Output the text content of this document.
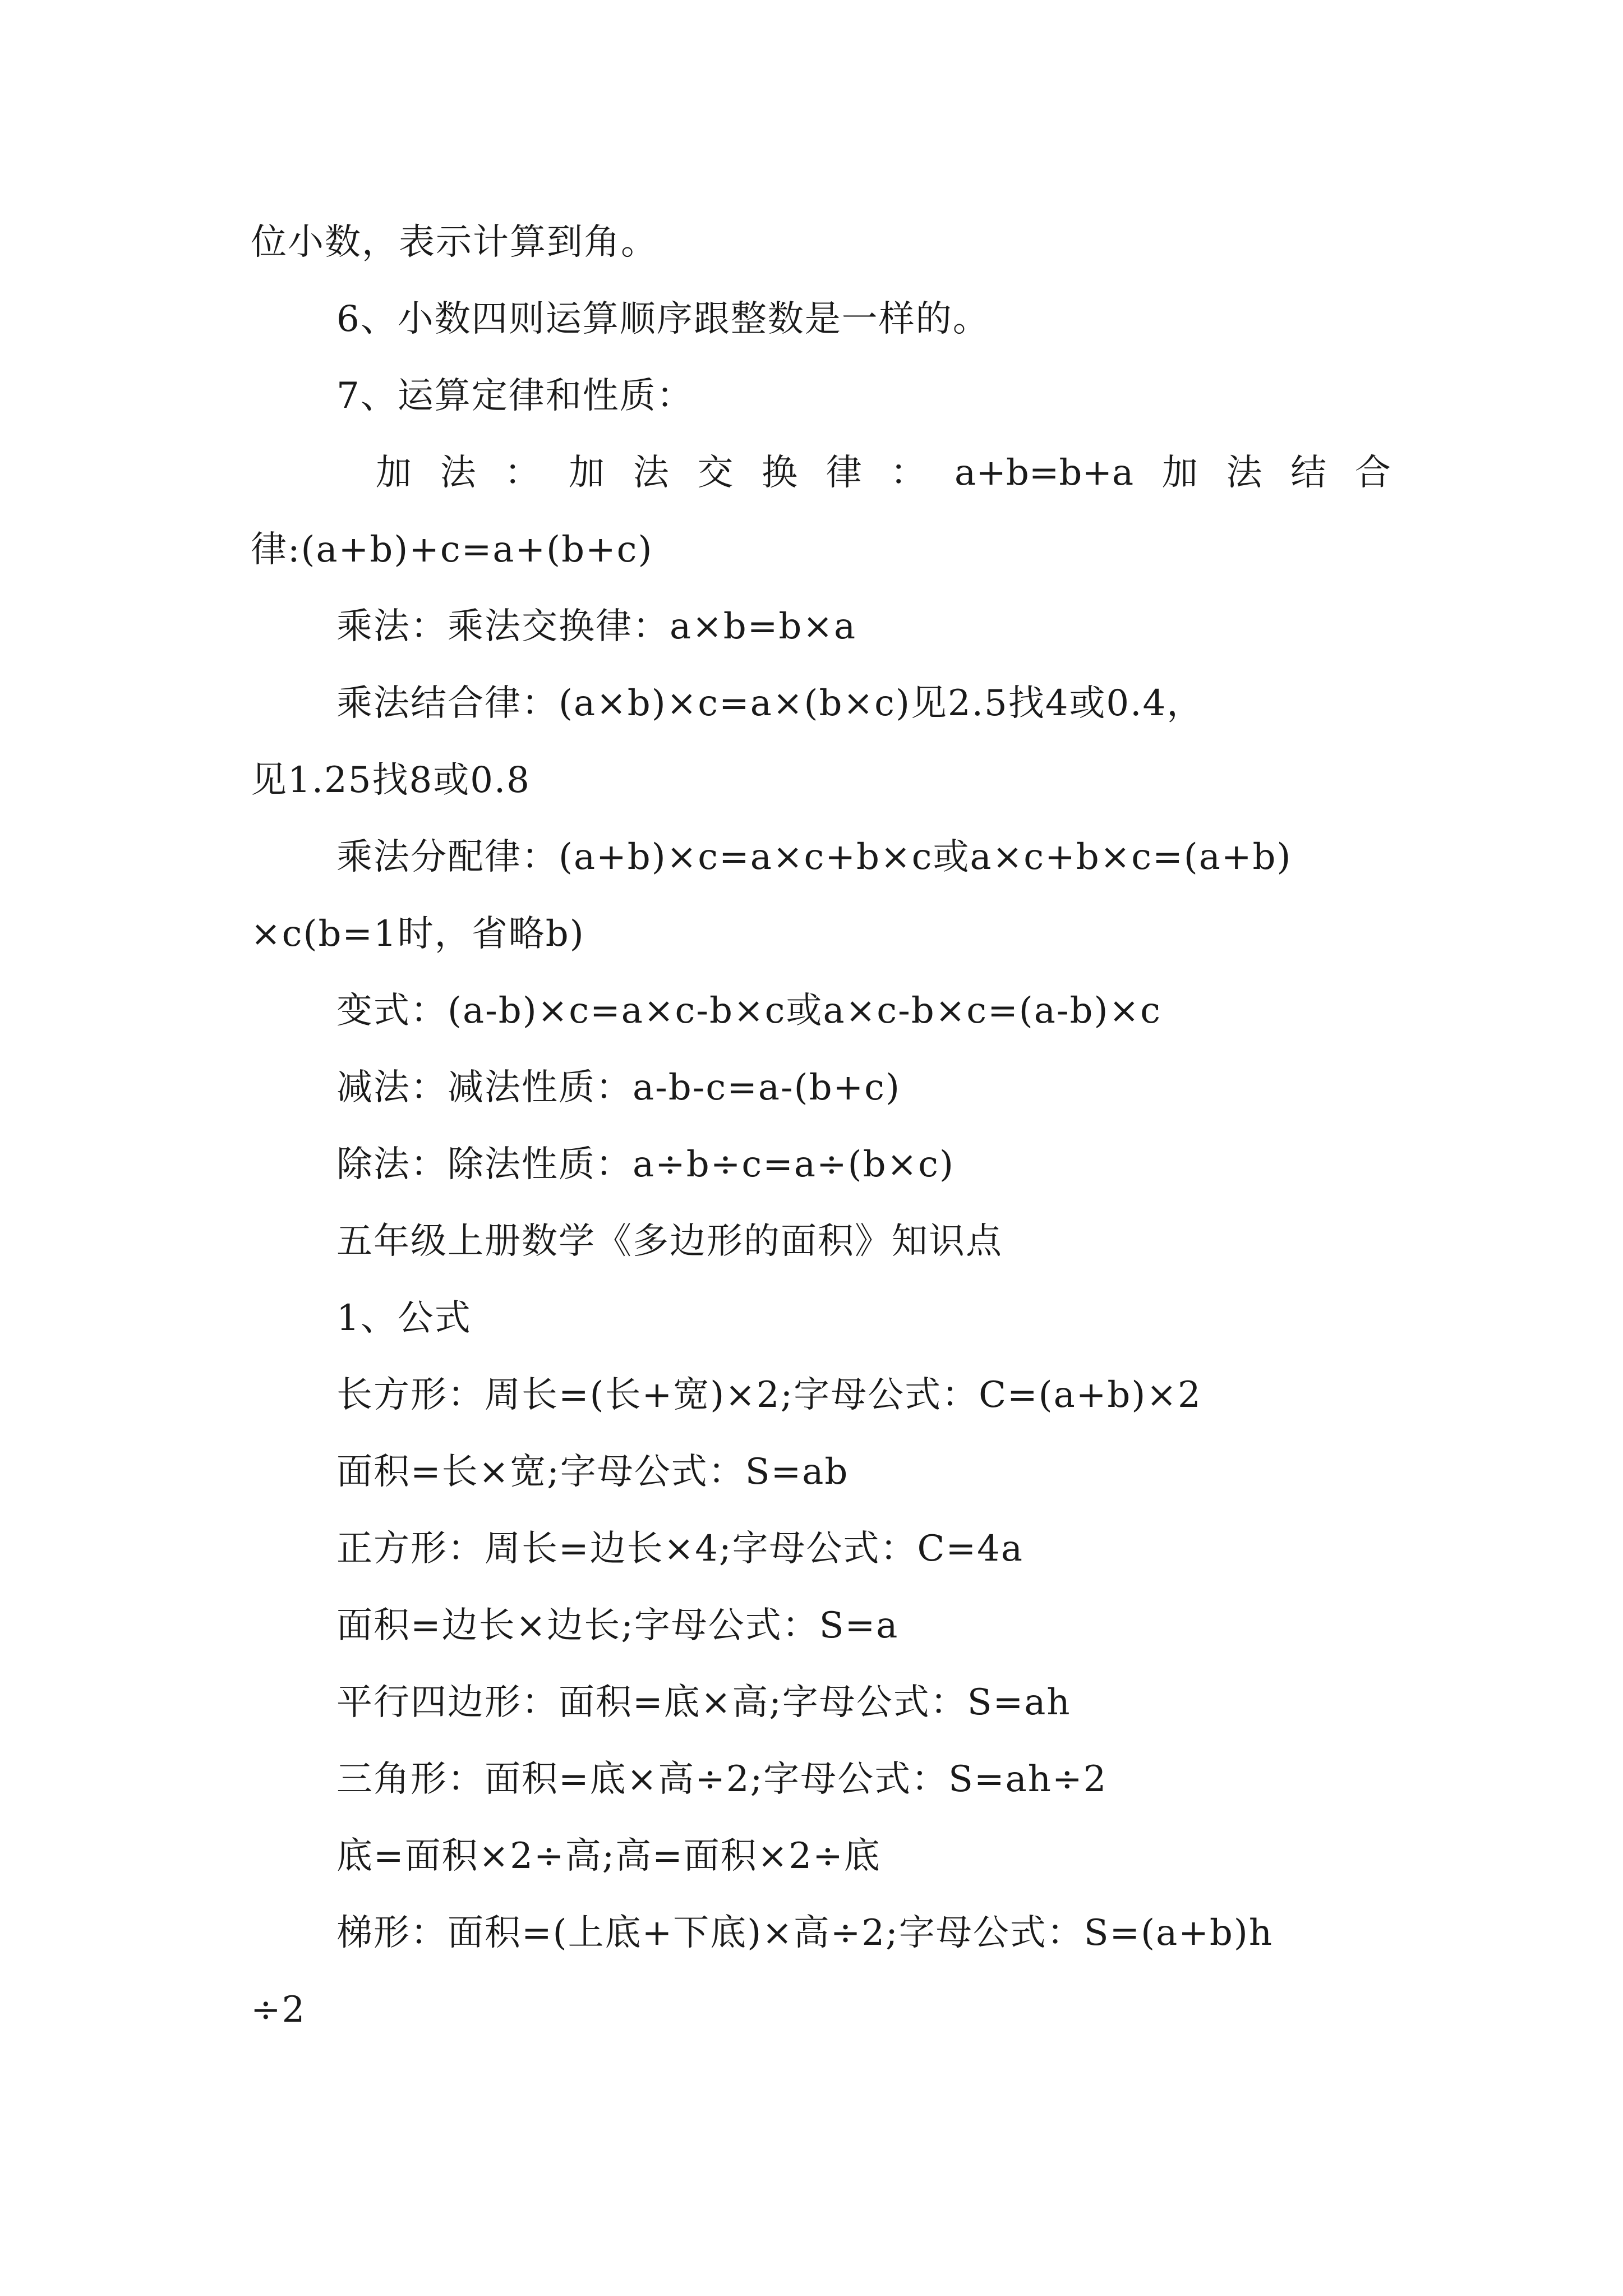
位小数，表示计算到角。
6、小数四则运算顺序跟整数是一样的。
7、运算定律和性质：
加 法 ： 加 法 交 换 律 ： a+b=b+a 加 法 结 合
律:(a+b)+c=a+(b+c)
乘法：乘法交换律：a×b=b×a
乘法结合律：(a×b)×c=a×(b×c)见2.5找4或0.4，
见1.25找8或0.8
乘法分配律：(a+b)×c=a×c+b×c或a×c+b×c=(a+b)
×c(b=1时，省略b)
变式：(a-b)×c=a×c-b×c或a×c-b×c=(a-b)×c
减法：减法性质：a-b-c=a-(b+c)
除法：除法性质：a÷b÷c=a÷(b×c)
五年级上册数学《多边形的面积》知识点
1、公式
长方形：周长=(长+宽)×2;字母公式：C=(a+b)×2
面积=长×宽;字母公式：S=ab
正方形：周长=边长×4;字母公式：C=4a
面积=边长×边长;字母公式：S=a
平行四边形：面积=底×高;字母公式：S=ah
三角形：面积=底×高÷2;字母公式：S=ah÷2
底=面积×2÷高;高=面积×2÷底
梯形：面积=(上底+下底)×高÷2;字母公式：S=(a+b)h
÷2
